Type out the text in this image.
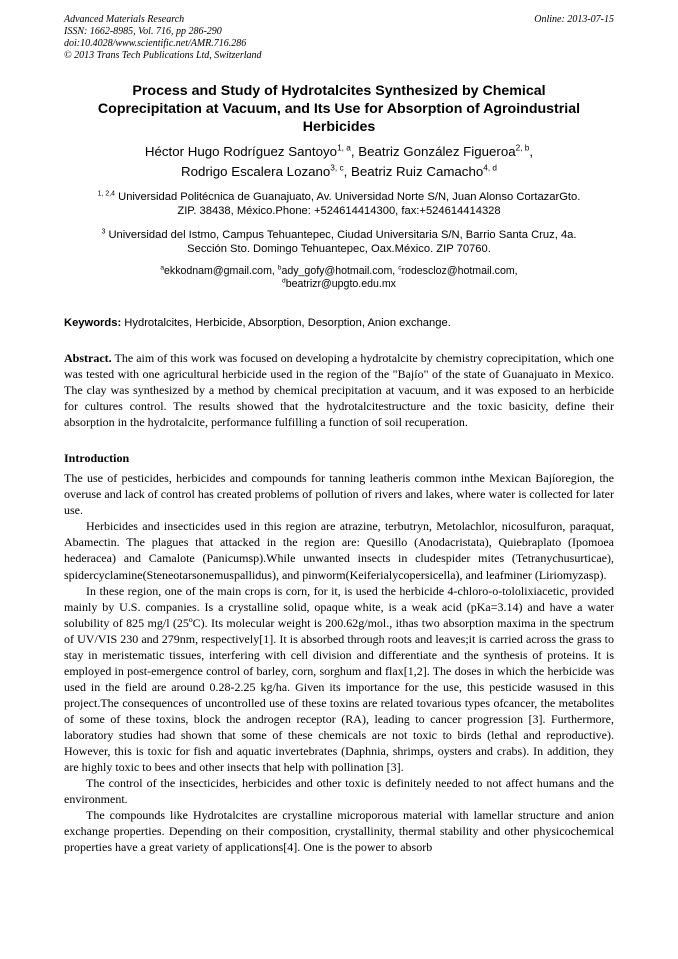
Advanced Materials Research
ISSN: 1662-8985, Vol. 716, pp 286-290
doi:10.4028/www.scientific.net/AMR.716.286
© 2013 Trans Tech Publications Ltd, Switzerland
Online: 2013-07-15
Process and Study of Hydrotalcites Synthesized by Chemical
Coprecipitation at Vacuum, and Its Use for Absorption of Agroindustrial
Herbicides
Héctor Hugo Rodríguez Santoyo$^{1, a}$, Beatriz González Figueroa$^{2, b}$,
Rodrigo Escalera Lozano$^{3, c}$, Beatriz Ruiz Camacho$^{4, d}$
$^{1, 2,4}$ Universidad Politécnica de Guanajuato, Av. Universidad Norte S/N, Juan Alonso CortazarGto.
ZIP. 38438, México.Phone: +524614414300, fax:+524614414328
$^3$ Universidad del Istmo, Campus Tehuantepec, Ciudad Universitaria S/N, Barrio Santa Cruz, 4a.
Sección Sto. Domingo Tehuantepec, Oax.México. ZIP 70760.
$^a$ekkodnam@gmail.com, $^b$ady_gofy@hotmail.com, $^c$rodescloz@hotmail.com,
$^d$beatrizr@upgto.edu.mx
Keywords: Hydrotalcites, Herbicide, Absorption, Desorption, Anion exchange.

Abstract. The aim of this work was focused on developing a hydrotalcite by chemistry coprecipitation, which one was tested with one agricultural herbicide used in the region of the "Bajío" of the state of Guanajuato in Mexico. The clay was synthesized by a method by chemical precipitation at vacuum, and it was exposed to an herbicide for cultures control. The results showed that the hydrotalcitestructure and the toxic basicity, define their absorption in the hydrotalcite, performance fulfilling a function of soil recuperation.

Introduction

The use of pesticides, herbicides and compounds for tanning leatheris common inthe Mexican Bajíoregion, the overuse and lack of control has created problems of pollution of rivers and lakes, where water is collected for later use.

Herbicides and insecticides used in this region are atrazine, terbutryn, Metolachlor, nicosulfuron, paraquat, Abamectin. The plagues that attacked in the region are: Quesillo (Anodacristata), Quiebraplato (Ipomoea hederacea) and Camalote (Panicumsp).While unwanted insects in cludespider mites (Tetranychusurticae), spidercyclamine(Steneotarsonemuspallidus), and pinworm(Keiferialycopersicella), and leafminer (Liriomyzasp).

In these region, one of the main crops is corn, for it, is used the herbicide 4-chloro-o-tololixiacetic, provided mainly by U.S. companies. Is a crystalline solid, opaque white, is a weak acid (pKa=3.14) and have a water solubility of 825 mg/l (25ºC). Its molecular weight is 200.62g/mol., ithas two absorption maxima in the spectrum of UV/VIS 230 and 279nm, respectively[1]. It is absorbed through roots and leaves;it is carried across the grass to stay in meristematic tissues, interfering with cell division and differentiate and the synthesis of proteins. It is employed in post-emergence control of barley, corn, sorghum and flax[1,2]. The doses in which the herbicide was used in the field are around 0.28-2.25 kg/ha. Given its importance for the use, this pesticide wasused in this project.The consequences of uncontrolled use of these toxins are related tovarious types ofcancer, the metabolites of some of these toxins, block the androgen receptor (RA), leading to cancer progression [3]. Furthermore, laboratory studies had shown that some of these chemicals are not toxic to birds (lethal and reproductive). However, this is toxic for fish and aquatic invertebrates (Daphnia, shrimps, oysters and crabs). In addition, they are highly toxic to bees and other insects that help with pollination [3].

The control of the insecticides, herbicides and other toxic is definitely needed to not affect humans and the environment.

The compounds like Hydrotalcites are crystalline microporous material with lamellar structure and anion exchange properties. Depending on their composition, crystallinity, thermal stability and other physicochemical properties have a great variety of applications[4]. One is the power to absorb
